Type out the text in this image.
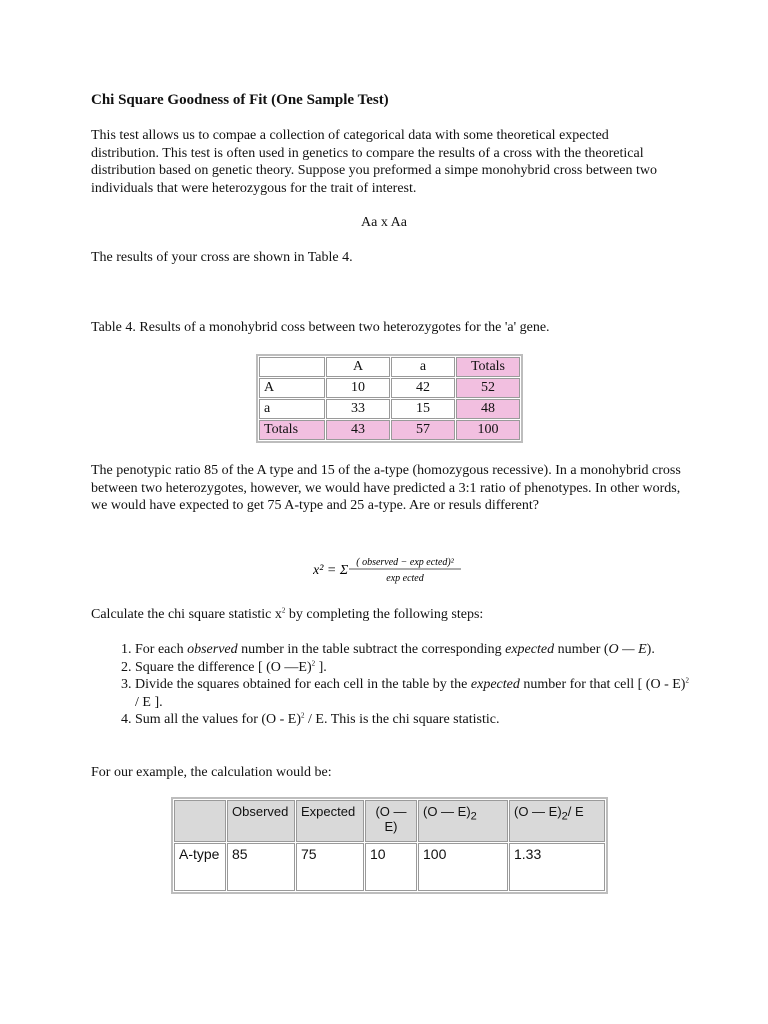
Chi Square Goodness of Fit (One Sample Test)

This test allows us to compae a collection of categorical data with some theoretical expected distribution. This test is often used in genetics to compare the results of a cross with the theoretical distribution based on genetic theory. Suppose you preformed a simpe monohybrid cross between two individuals that were heterozygous for the trait of interest.

Aa x Aa

The results of your cross are shown in Table 4.

Table 4. Results of a monohybrid coss between two heterozygotes for the 'a' gene.

	A	a	Totals
A	10	42	52
a	33	15	48
Totals	43	57	100

The penotypic ratio 85 of the A type and 15 of the a-type (homozygous recessive). In a monohybrid cross between two heterozygotes, however, we would have predicted a 3:1 ratio of phenotypes. In other words, we would have expected to get 75 A-type and 25 a-type. Are or resuls different?

x² = Σ
( observed − exp ected)²
exp ected

Calculate the chi square statistic $x^2$ by completing the following steps:

1. For each observed number in the table subtract the corresponding expected number (O — E).
2. Square the difference [ (O —E)$^2$ ].
3. Divide the squares obtained for each cell in the table by the expected number for that cell [ (O - E)$^2$ / E ].
4. Sum all the values for (O - E)$^2$ / E. This is the chi square statistic.

For our example, the calculation would be:

	Observed	Expected	(O — E)	(O — $E)_2$	(O — $E)_2/$ E
A-type	85	75	10	100	1.33
